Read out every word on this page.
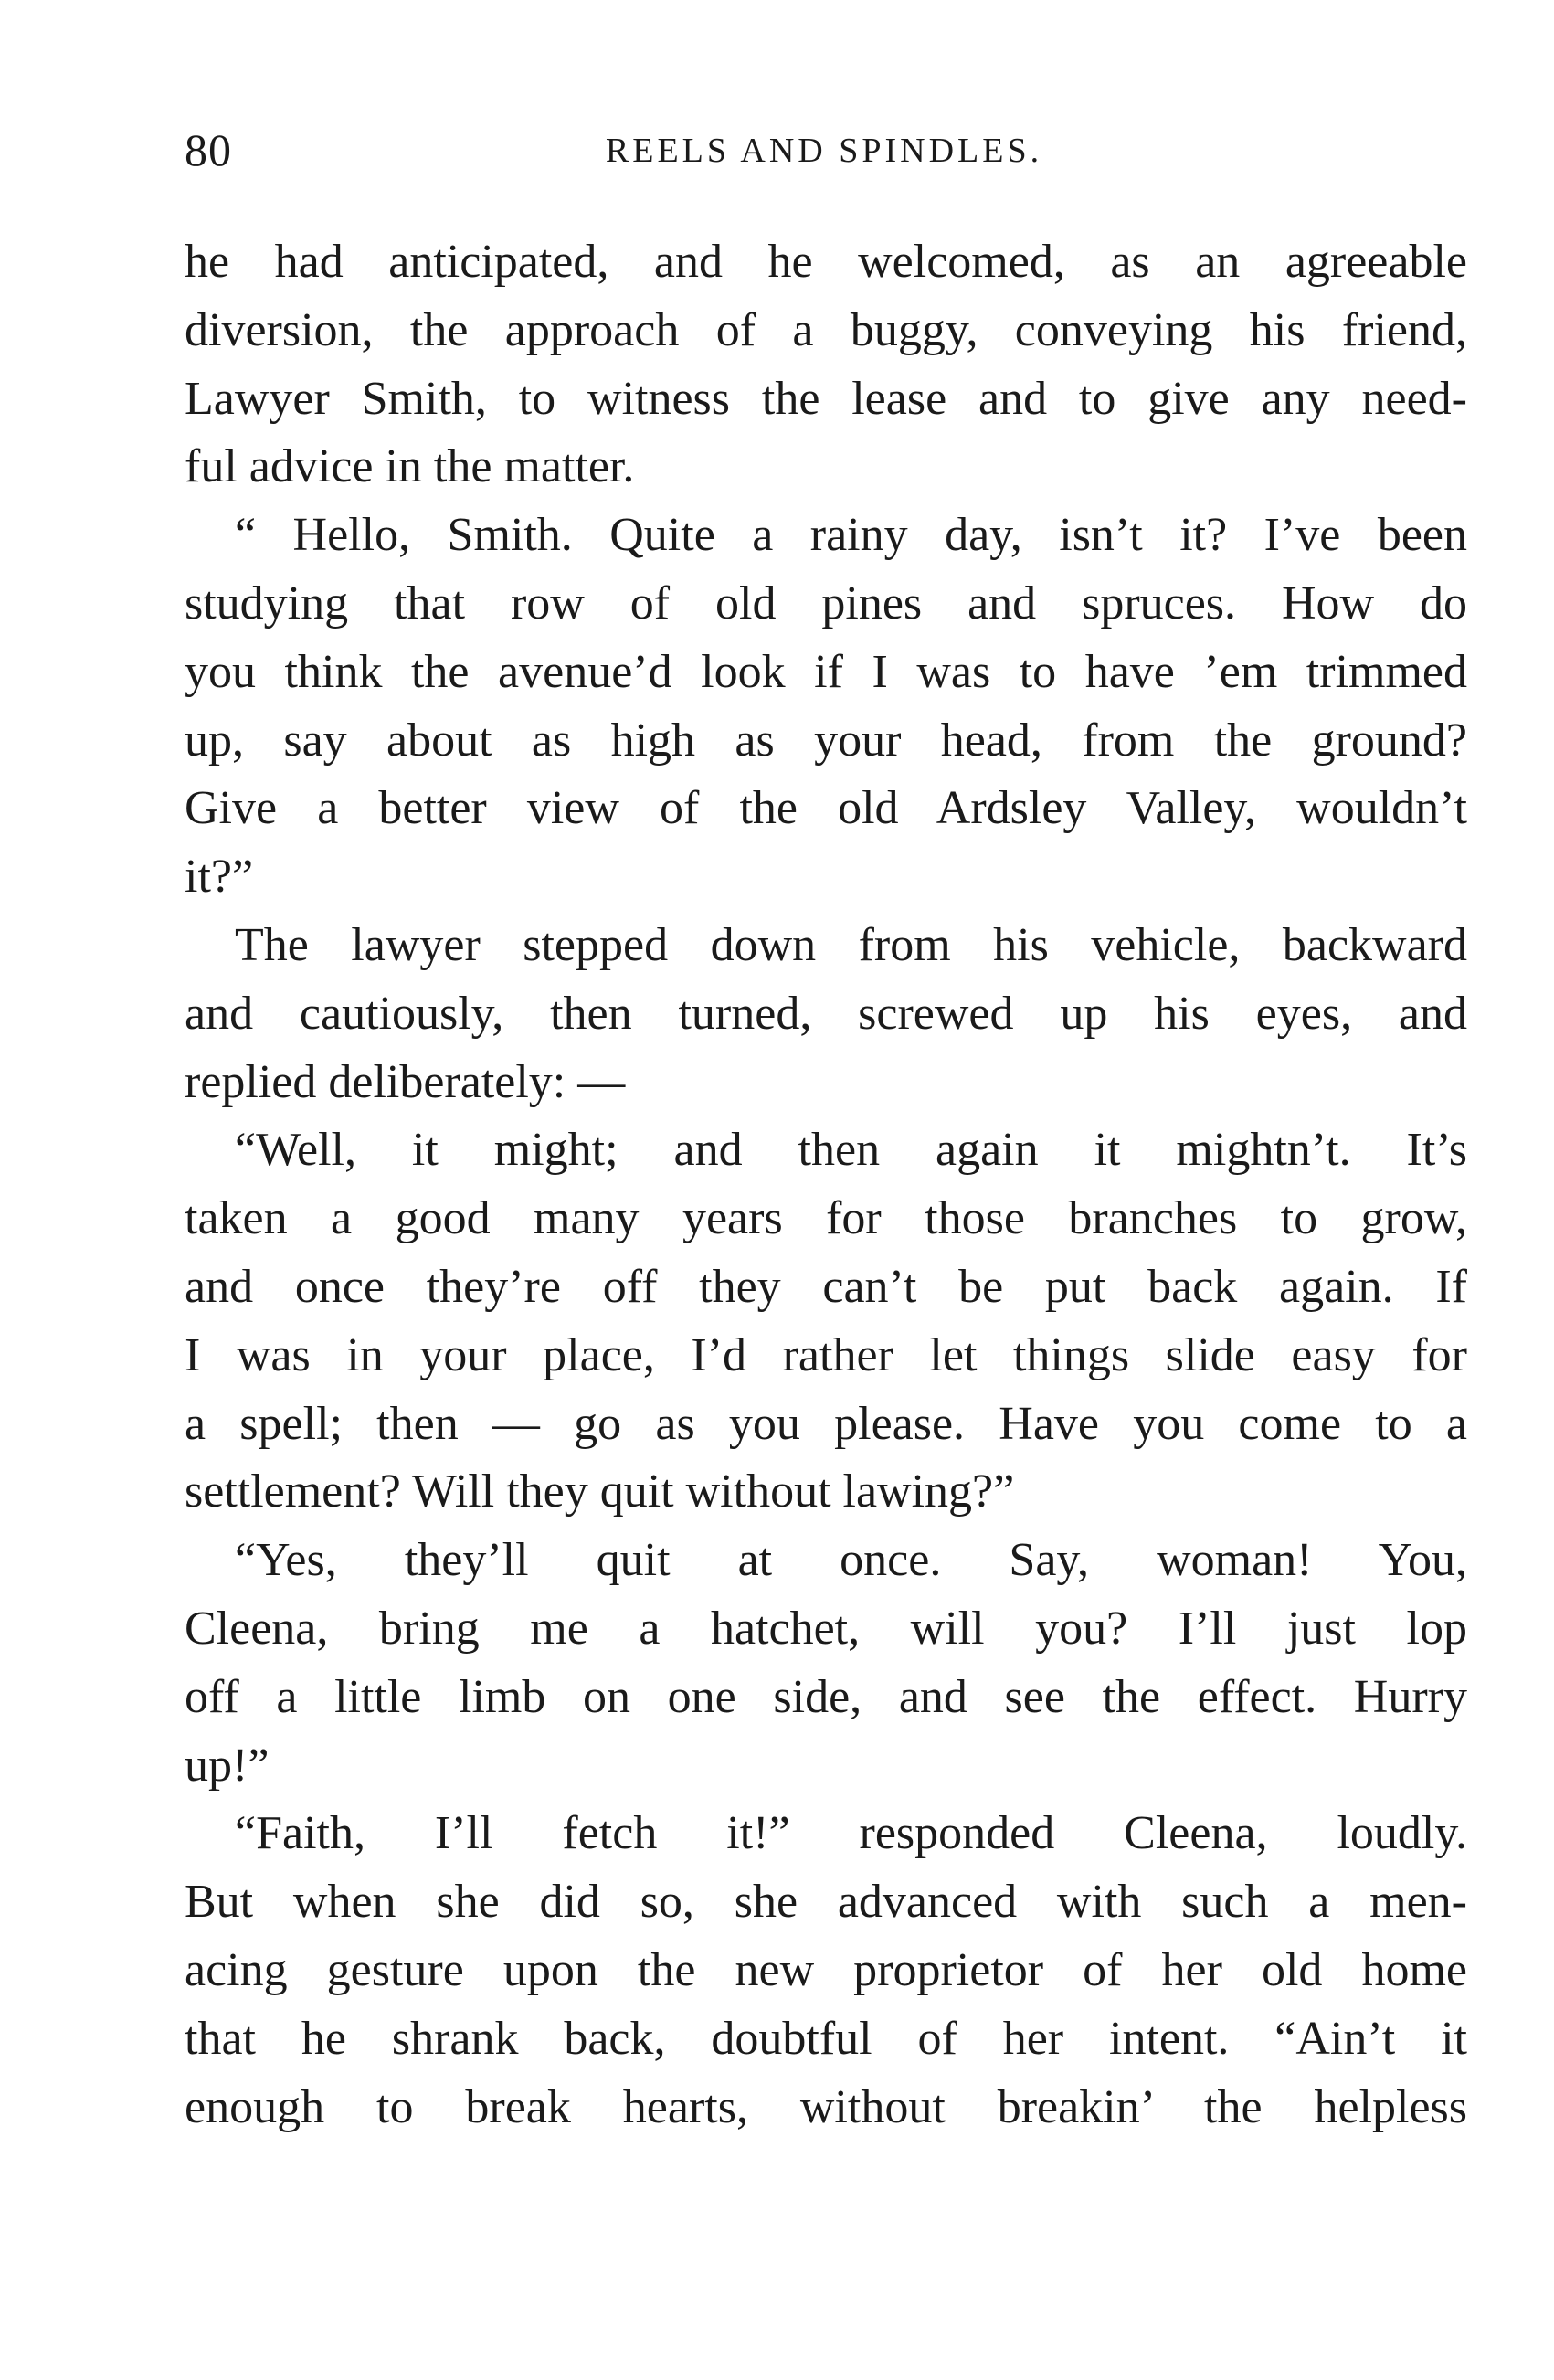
80	REELS AND SPINDLES.
he had anticipated, and he welcomed, as an agreeable
diversion, the approach of a buggy, conveying his friend,
Lawyer Smith, to witness the lease and to give any need-
ful advice in the matter.
“ Hello, Smith. Quite a rainy day, isn’t it? I’ve been
studying that row of old pines and spruces. How do
you think the avenue’d look if I was to have ’em trimmed
up, say about as high as your head, from the ground?
Give a better view of the old Ardsley Valley, wouldn’t
it?”
The lawyer stepped down from his vehicle, backward
and cautiously, then turned, screwed up his eyes, and
replied deliberately: —
“Well, it might; and then again it mightn’t. It’s
taken a good many years for those branches to grow,
and once they’re off they can’t be put back again. If
I was in your place, I’d rather let things slide easy for
a spell; then — go as you please. Have you come to a
settlement? Will they quit without lawing?”
“Yes, they’ll quit at once. Say, woman! You,
Cleena, bring me a hatchet, will you? I’ll just lop
off a little limb on one side, and see the effect. Hurry
up!”
“Faith, I’ll fetch it!” responded Cleena, loudly.
But when she did so, she advanced with such a men-
acing gesture upon the new proprietor of her old home
that he shrank back, doubtful of her intent. “Ain’t it
enough to break hearts, without breakin’ the helpless
